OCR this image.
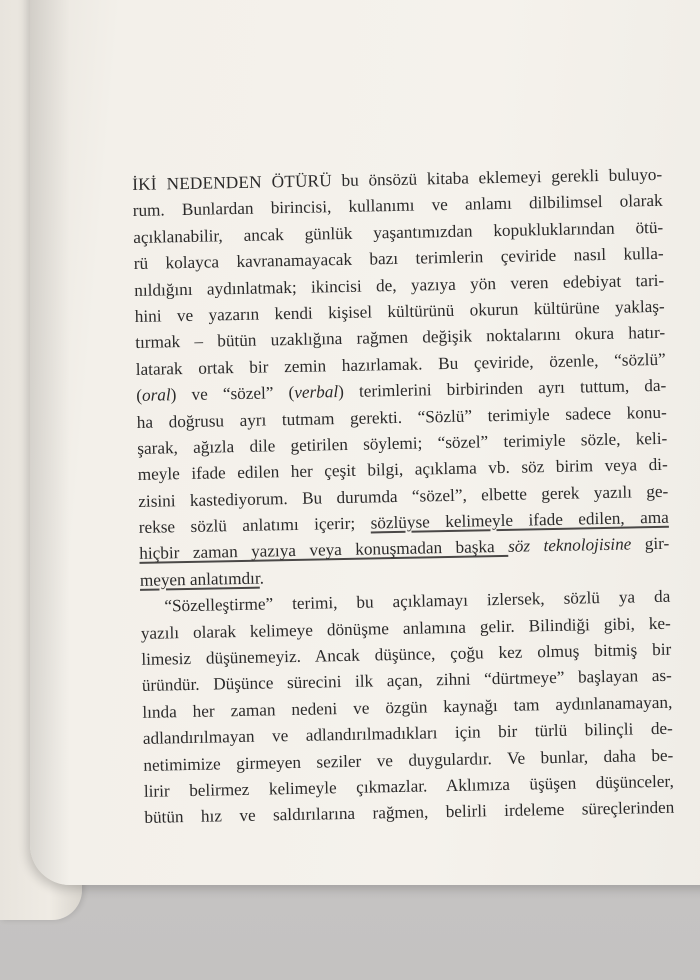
İKİ NEDENDEN ÖTÜRÜ bu önsözü kitaba eklemeyi gerekli buluyo-
rum. Bunlardan birincisi, kullanımı ve anlamı dilbilimsel olarak
açıklanabilir, ancak günlük yaşantımızdan kopukluklarından ötü-
rü kolayca kavranamayacak bazı terimlerin çeviride nasıl kulla-
nıldığını aydınlatmak; ikincisi de, yazıya yön veren edebiyat tari-
hini ve yazarın kendi kişisel kültürünü okurun kültürüne yaklaş-
tırmak – bütün uzaklığına rağmen değişik noktalarını okura hatır-
latarak ortak bir zemin hazırlamak. Bu çeviride, özenle, “sözlü”
(oral) ve “sözel” (verbal) terimlerini birbirinden ayrı tuttum, da-
ha doğrusu ayrı tutmam gerekti. “Sözlü” terimiyle sadece konu-
şarak, ağızla dile getirilen söylemi; “sözel” terimiyle sözle, keli-
meyle ifade edilen her çeşit bilgi, açıklama vb. söz birim veya di-
zisini kastediyorum. Bu durumda “sözel”, elbette gerek yazılı ge-
rekse sözlü anlatımı içerir; sözlüyse kelimeyle ifade edilen, ama
hiçbir zaman yazıya veya konuşmadan başka söz teknolojisine gir-
meyen anlatımdır.
“Sözelleştirme” terimi, bu açıklamayı izlersek, sözlü ya da
yazılı olarak kelimeye dönüşme anlamına gelir. Bilindiği gibi, ke-
limesiz düşünemeyiz. Ancak düşünce, çoğu kez olmuş bitmiş bir
üründür. Düşünce sürecini ilk açan, zihni “dürtmeye” başlayan as-
lında her zaman nedeni ve özgün kaynağı tam aydınlanamayan,
adlandırılmayan ve adlandırılmadıkları için bir türlü bilinçli de-
netimimize girmeyen seziler ve duygulardır. Ve bunlar, daha be-
lirir belirmez kelimeyle çıkmazlar. Aklımıza üşüşen düşünceler,
bütün hız ve saldırılarına rağmen, belirli irdeleme süreçlerinden
